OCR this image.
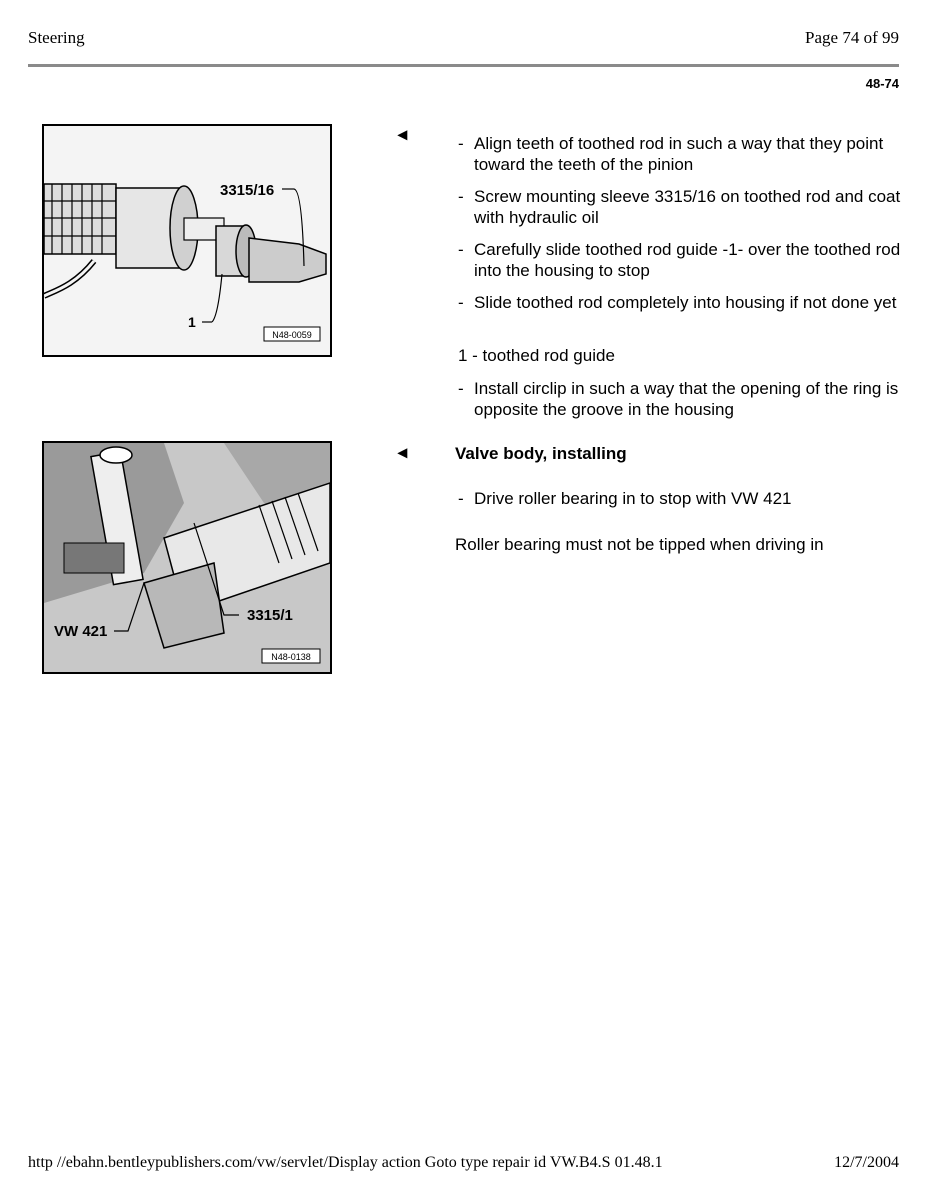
Steering	Page 74 of 99
48-74
3315/16
1
N48-0059
VW 421
3315/1
N48-0138
◂	- Align teeth of toothed rod in such a way that they point toward the teeth of the pinion
- Screw mounting sleeve 3315/16 on toothed rod and coat with hydraulic oil
- Carefully slide toothed rod guide -1- over the toothed rod into the housing to stop
- Slide toothed rod completely into housing if not done yet
1 - toothed rod guide
- Install circlip in such a way that the opening of the ring is opposite the groove in the housing
◂	Valve body, installing
- Drive roller bearing in to stop with VW 421
Roller bearing must not be tipped when driving in
http //ebahn.bentleypublishers.com/vw/servlet/Display action Goto type repair id VW.B4.S 01.48.1	12/7/2004
